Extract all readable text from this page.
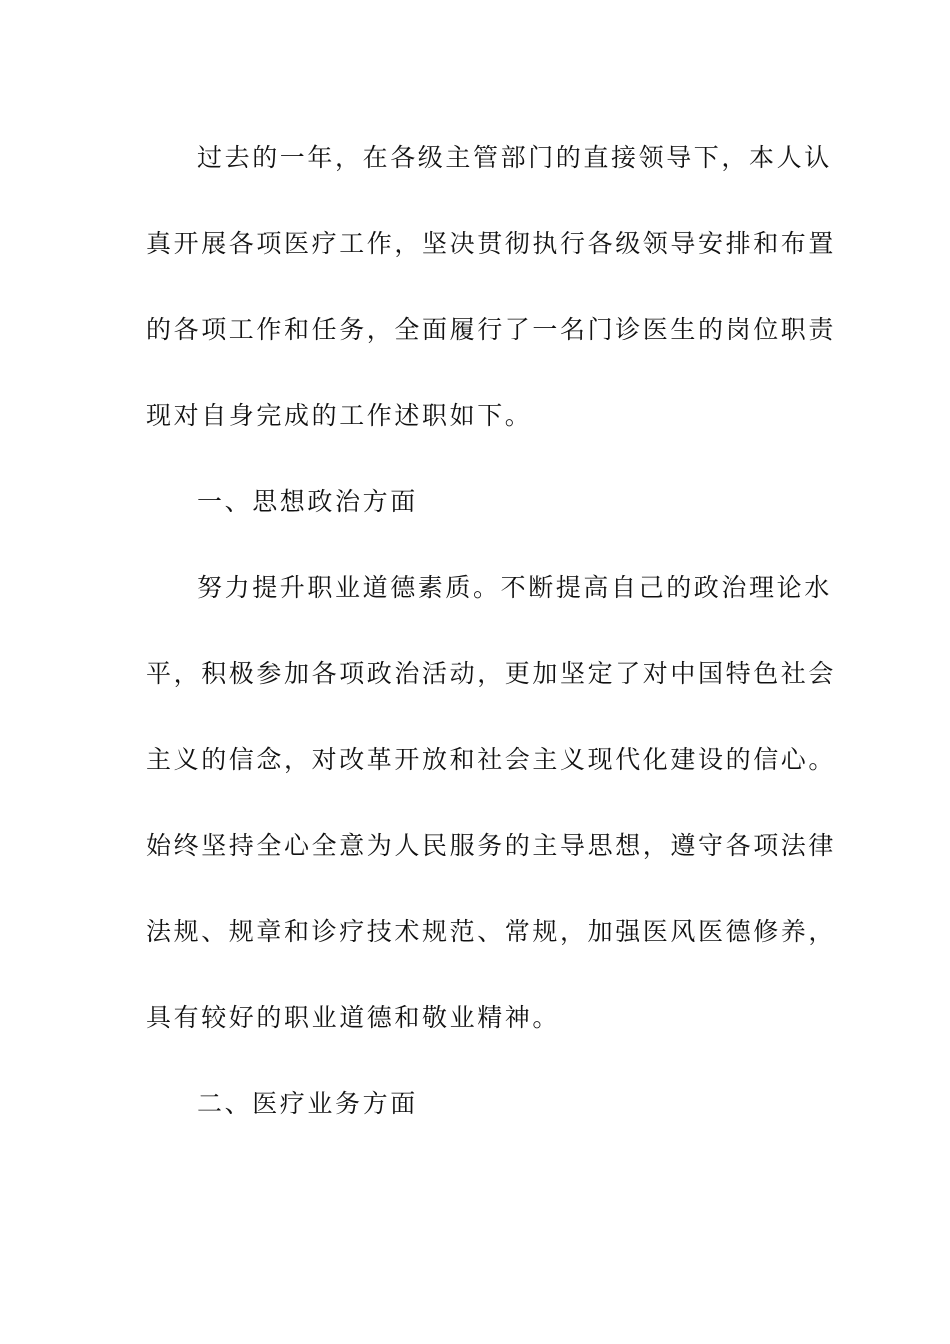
过去的一年，在各级主管部门的直接领导下，本人认
真开展各项医疗工作，坚决贯彻执行各级领导安排和布置
的各项工作和任务，全面履行了一名门诊医生的岗位职责
现对自身完成的工作述职如下。
一、思想政治方面
努力提升职业道德素质。不断提高自己的政治理论水
平，积极参加各项政治活动，更加坚定了对中国特色社会
主义的信念，对改革开放和社会主义现代化建设的信心。
始终坚持全心全意为人民服务的主导思想，遵守各项法律
法规、规章和诊疗技术规范、常规，加强医风医德修养，
具有较好的职业道德和敬业精神。
二、医疗业务方面
